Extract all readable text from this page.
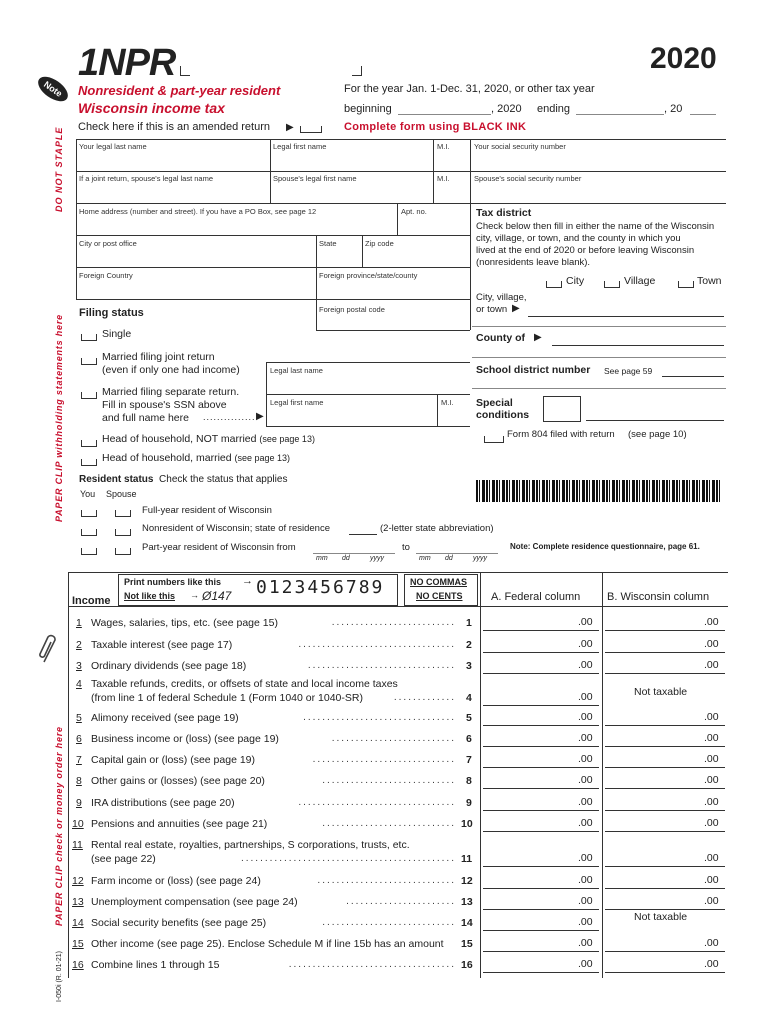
1NPR	2020
Note	Nonresident & part-year resident
Wisconsin income tax
Check here if this is an amended return ▶
For the year Jan. 1-Dec. 31, 2020, or other tax year
beginning	, 2020 ending	, 20
Complete form using BLACK INK
DO NOT STAPLE
PAPER CLIP withholding statements here
PAPER CLIP check or money order here
I-050i (R. 01-21)
Your legal last name	Legal first name	M.I.	Your social security number
If a joint return, spouse's legal last name	Spouse's legal first name	M.I.	Spouse's social security number
Home address (number and street). If you have a PO Box, see page 12	Apt. no.
City or post office	State	Zip code
Foreign Country	Foreign province/state/county
Foreign postal code
Tax district
Check below then fill in either the name of the Wisconsin
city, village, or town, and the county in which you
lived at the end of 2020 or before leaving Wisconsin
(nonresidents leave blank).
City	Village	Town
City, village,
or town ▶
County of ▶
School district number See page 59
Special
conditions
Form 804 filed with return (see page 10)
Filing status
Single
Married filing joint return
(even if only one had income)
Married filing separate return.
Fill in spouse's SSN above
and full name here ............... ▶
Legal last name
Legal first name	M.I.
Head of household, NOT married (see page 13)
Head of household, married (see page 13)
Resident status Check the status that applies
You Spouse
Full-year resident of Wisconsin
Nonresident of Wisconsin; state of residence	(2-letter state abbreviation)
Part-year resident of Wisconsin from	to
mm dd	yyyy	mm dd	yyyy
Note: Complete residence questionnaire, page 61.
Income
Print numbers like this →
Not like this → Ø147 0123456789	NO COMMAS
NO CENTS	A. Federal column B. Wisconsin column
1 Wages, salaries, tips, etc. (see page 15)	.......................... 1	.00	.00
2 Taxable interest (see page 17)	................................. 2	.00	.00
3 Ordinary dividends (see page 18)	............................... 3	.00	.00
4 Taxable refunds, credits, or offsets of state and local income taxes
(from line 1 of federal Schedule 1 (Form 1040 or 1040-SR)	............. 4	.00	Not taxable
5 Alimony received (see page 19)	................................ 5	.00	.00
6 Business income or (loss) (see page 19)	.......................... 6	.00	.00
7 Capital gain or (loss) (see page 19)	.............................. 7	.00	.00
8 Other gains or (losses) (see page 20)	............................ 8	.00	.00
9 IRA distributions (see page 20)	................................. 9	.00	.00
10 Pensions and annuities (see page 21)	............................ 10	.00	.00
11 Rental real estate, royalties, partnerships, S corporations, trusts, etc.
(see page 22)	............................................. 11	.00	.00
12 Farm income or (loss) (see page 24)	............................. 12	.00	.00
13 Unemployment compensation (see page 24)	....................... 13	.00	.00
14 Social security benefits (see page 25)	............................ 14	.00	Not taxable
15 Other income (see page 25). Enclose Schedule M if line 15b has an amount 15	.00	.00
16 Combine lines 1 through 15	................................... 16	.00	.00
